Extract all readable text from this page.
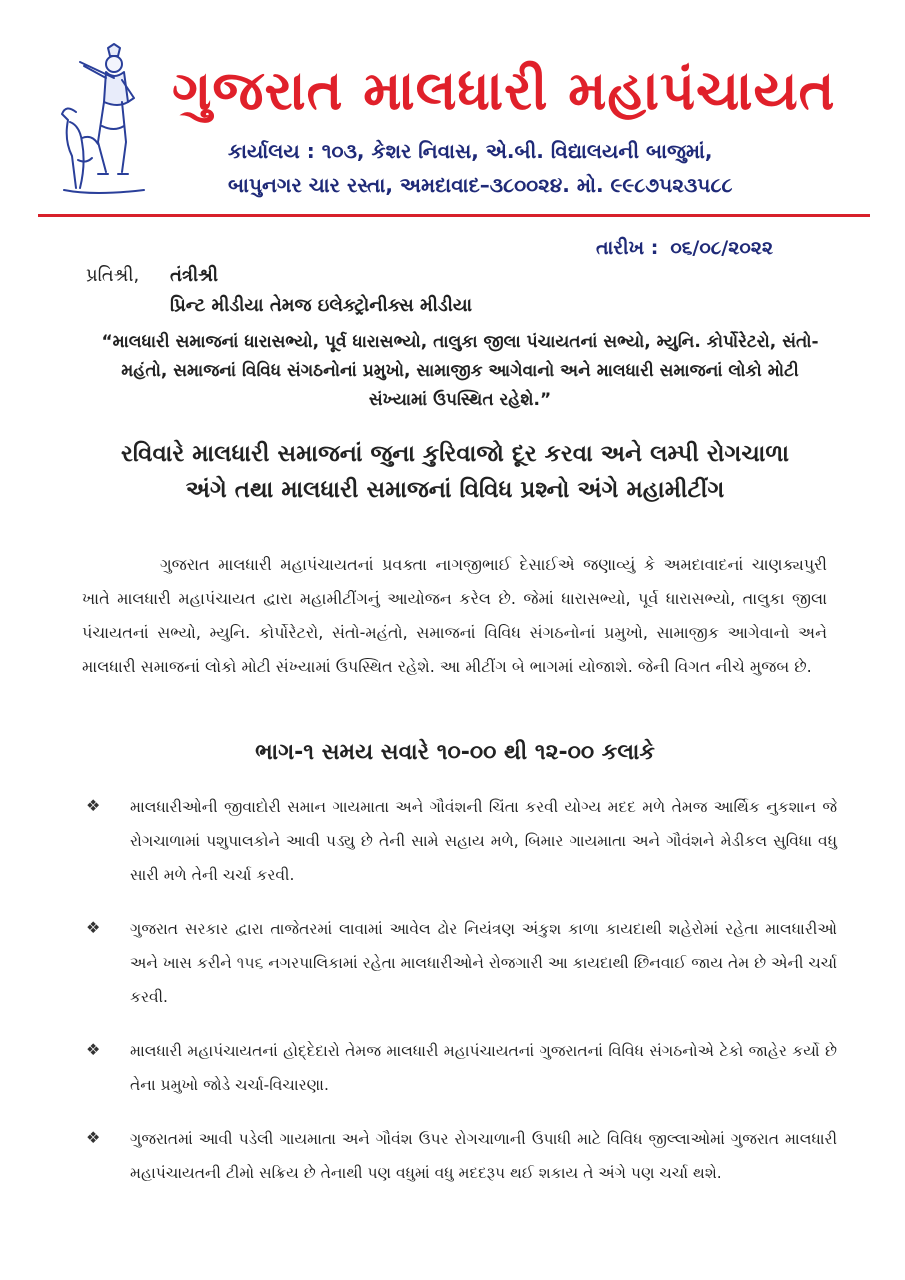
ગુજરાત માલધારી મહાપંચાયત
કાર્યાલય : ૧૦૩, કેશર નિવાસ, એ.બી. વિદ્યાલયની બાજુમાં,
બાપુનગર ચાર રસ્તા, અમદાવાદ–૩૮૦૦૨૪. મો. ૯૯૮૭૫૨૩૫૮૮
તારીખ : ૦૬/૦૮/૨૦૨૨
પ્રતિશ્રી, તંત્રીશ્રી
પ્રિન્ટ મીડીયા તેમજ ઇલેક્ટ્રોનીક્સ મીડીયા
“માલધારી સમાજનાં ધારાસભ્યો, પૂર્વ ધારાસભ્યો, તાલુકા જીલા પંચાયતનાં સભ્યો, મ્યુનિ. કોર્પોરેટરો, સંતો-મહંતો, સમાજનાં વિવિધ સંગઠનોનાં પ્રમુખો, સામાજીક આગેવાનો અને માલધારી સમાજનાં લોકો મોટી સંખ્યામાં ઉપસ્થિત રહેશે.”
રવિવારે માલધારી સમાજનાં જુના કુરિવાજો દૂર કરવા અને લમ્પી રોગચાળા અંગે તથા માલધારી સમાજનાં વિવિધ પ્રશ્નો અંગે મહામીટીંગ
ગુજરાત માલધારી મહાપંચાયતનાં પ્રવક્તા નાગજીભાઈ દેસાઈએ જણાવ્યું કે અમદાવાદનાં ચાણક્યપુરી ખાતે માલધારી મહાપંચાયત દ્વારા મહામીટીંગનું આયોજન કરેલ છે. જેમાં ધારાસભ્યો, પૂર્વ ધારાસભ્યો, તાલુકા જીલા પંચાયતનાં સભ્યો, મ્યુનિ. કોર્પોરેટરો, સંતો-મહંતો, સમાજનાં વિવિધ સંગઠનોનાં પ્રમુખો, સામાજીક આગેવાનો અને માલધારી સમાજનાં લોકો મોટી સંખ્યામાં ઉપસ્થિત રહેશે. આ મીટીંગ બે ભાગમાં યોજાશે. જેની વિગત નીચે મુજબ છે.
ભાગ-૧ સમય સવારે ૧૦-૦૦ થી ૧૨-૦૦ કલાકે
❖ માલધારીઓની જીવાદોરી સમાન ગાયમાતા અને ગૌવંશની ચિંતા કરવી યોગ્ય મદદ મળે તેમજ આર્થિક નુકશાન જે રોગચાળામાં પશુપાલકોને આવી પડ્યુ છે તેની સામે સહાય મળે, બિમાર ગાયમાતા અને ગૌવંશને મેડીકલ સુવિધા વધુ સારી મળે તેની ચર્ચા કરવી.
❖ ગુજરાત સરકાર દ્વારા તાજેતરમાં લાવામાં આવેલ ઢોર નિયંત્રણ અંકુશ કાળા કાયદાથી શહેરોમાં રહેતા માલધારીઓ અને ખાસ કરીને ૧૫૬ નગરપાલિકામાં રહેતા માલધારીઓને રોજગારી આ કાયદાથી છિનવાઈ જાય તેમ છે એની ચર્ચા કરવી.
❖ માલધારી મહાપંચાયતનાં હોદ્દેદારો તેમજ માલધારી મહાપંચાયતનાં ગુજરાતનાં વિવિધ સંગઠનોએ ટેકો જાહેર કર્યો છે તેના પ્રમુખો જોડે ચર્ચા-વિચારણા.
❖ ગુજરાતમાં આવી પડેલી ગાયમાતા અને ગૌવંશ ઉપર રોગચાળાની ઉપાધી માટે વિવિધ જીલ્લાઓમાં ગુજરાત માલધારી મહાપંચાયતની ટીમો સક્રિય છે તેનાથી પણ વધુમાં વધુ મદદરૂપ થઈ શકાય તે અંગે પણ ચર્ચા થશે.
